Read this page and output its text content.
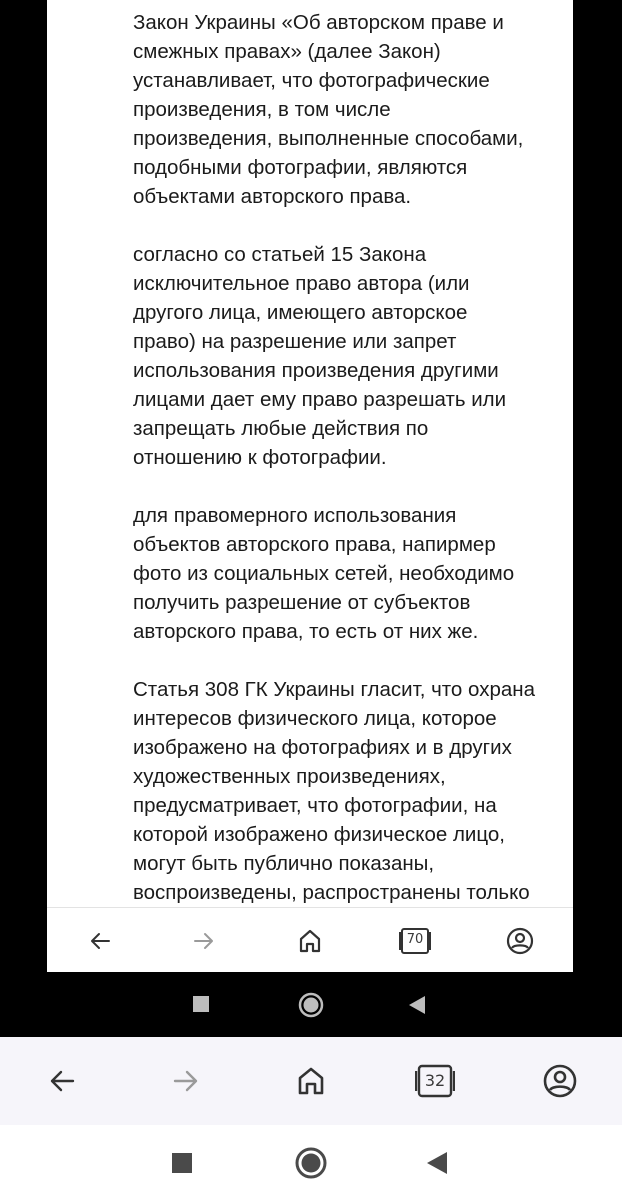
Закон Украины «Об авторском праве и
смежных правах» (далее Закон)
устанавливает, что фотографические
произведения, в том числе
произведения, выполненные способами,
подобными фотографии, являются
объектами авторского права.

согласно со статьей 15 Закона
исключительное право автора (или
другого лица, имеющего авторское
право) на разрешение или запрет
использования произведения другими
лицами дает ему право разрешать или
запрещать любые действия по
отношению к фотографии.

для правомерного использования
объектов авторского права, напирмер
фото из социальных сетей, необходимо
получить разрешение от субъектов
авторского права, то есть от них же.

Статья 308 ГК Украины гласит, что охрана
интересов физического лица, которое
изображено на фотографиях и в других
художественных произведениях,
предусматривает, что фотографии, на
которой изображено физическое лицо,
могут быть публично показаны,
воспроизведены, распространены только

70
32
